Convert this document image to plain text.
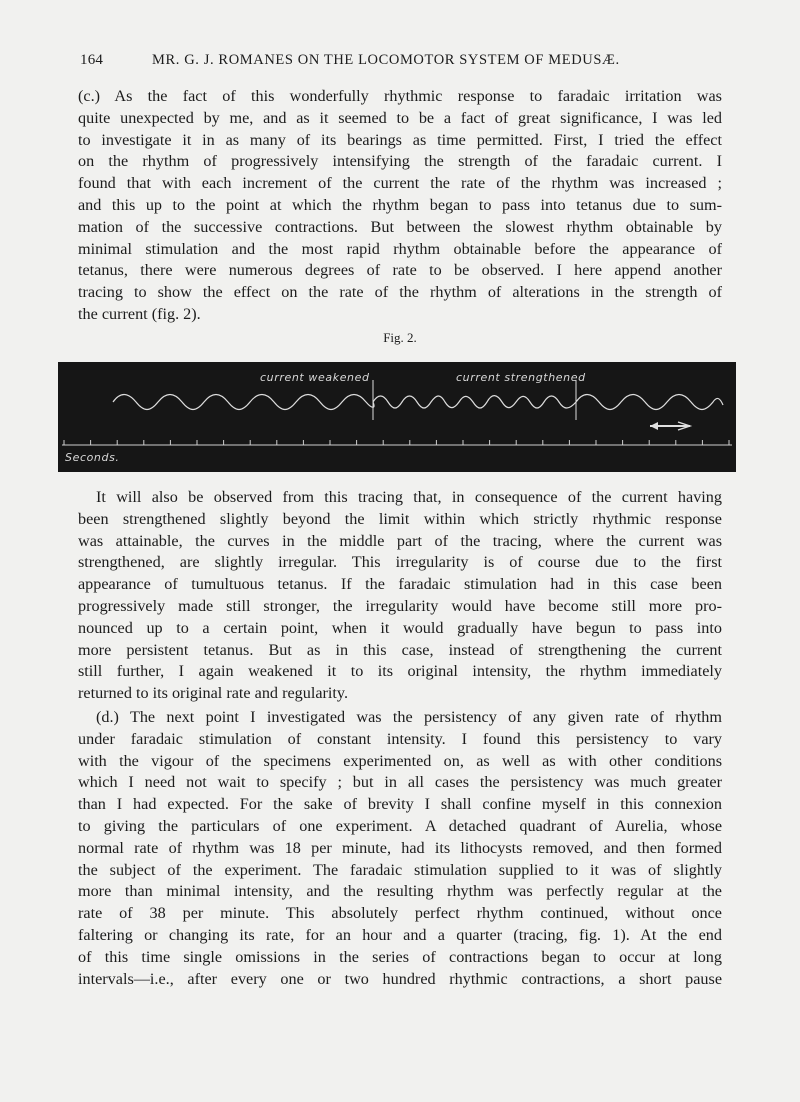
164	MR. G. J. ROMANES ON THE LOCOMOTOR SYSTEM OF MEDUSÆ.
(c.) As the fact of this wonderfully rhythmic response to faradaic irritation was
quite unexpected by me, and as it seemed to be a fact of great significance, I was led
to investigate it in as many of its bearings as time permitted. First, I tried the effect
on the rhythm of progressively intensifying the strength of the faradaic current. I
found that with each increment of the current the rate of the rhythm was increased ;
and this up to the point at which the rhythm began to pass into tetanus due to sum-
mation of the successive contractions. But between the slowest rhythm obtainable by
minimal stimulation and the most rapid rhythm obtainable before the appearance of
tetanus, there were numerous degrees of rate to be observed. I here append another
tracing to show the effect on the rate of the rhythm of alterations in the strength of
the current (fig. 2).
Fig. 2.
current weakened	current strengthened
Seconds.
It will also be observed from this tracing that, in consequence of the current having
been strengthened slightly beyond the limit within which strictly rhythmic response
was attainable, the curves in the middle part of the tracing, where the current was
strengthened, are slightly irregular. This irregularity is of course due to the first
appearance of tumultuous tetanus. If the faradaic stimulation had in this case been
progressively made still stronger, the irregularity would have become still more pro-
nounced up to a certain point, when it would gradually have begun to pass into
more persistent tetanus. But as in this case, instead of strengthening the current
still further, I again weakened it to its original intensity, the rhythm immediately
returned to its original rate and regularity.
(d.) The next point I investigated was the persistency of any given rate of rhythm
under faradaic stimulation of constant intensity. I found this persistency to vary
with the vigour of the specimens experimented on, as well as with other conditions
which I need not wait to specify ; but in all cases the persistency was much greater
than I had expected. For the sake of brevity I shall confine myself in this connexion
to giving the particulars of one experiment. A detached quadrant of Aurelia, whose
normal rate of rhythm was 18 per minute, had its lithocysts removed, and then formed
the subject of the experiment. The faradaic stimulation supplied to it was of slightly
more than minimal intensity, and the resulting rhythm was perfectly regular at the
rate of 38 per minute. This absolutely perfect rhythm continued, without once
faltering or changing its rate, for an hour and a quarter (tracing, fig. 1). At the end
of this time single omissions in the series of contractions began to occur at long
intervals—i.e., after every one or two hundred rhythmic contractions, a short pause
